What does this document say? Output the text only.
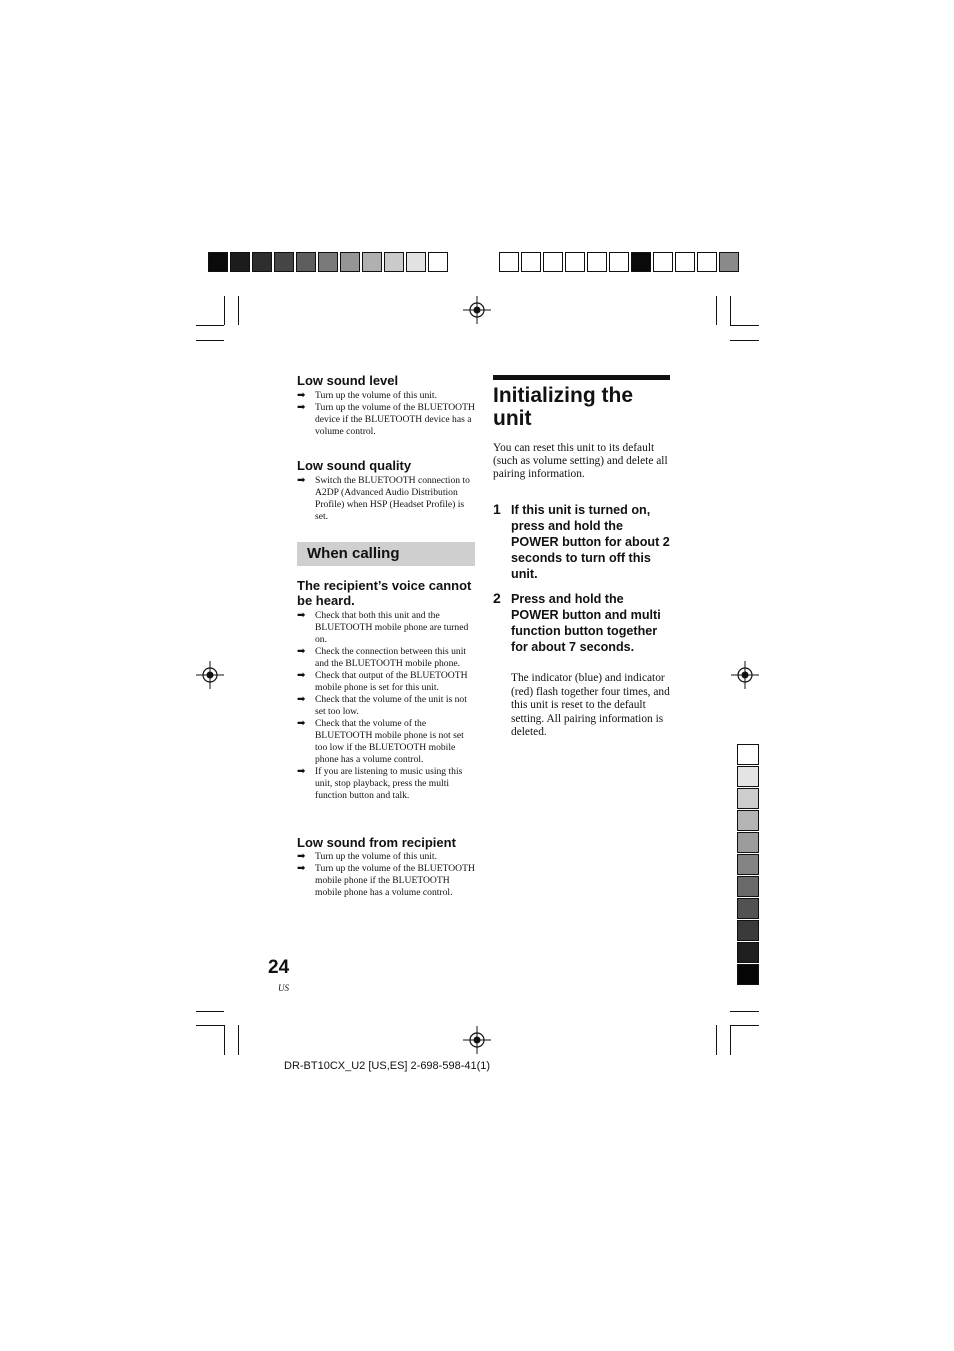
Low sound level
➡ Turn up the volume of this unit.
➡ Turn up the volume of the BLUETOOTH device if the BLUETOOTH device has a volume control.
Low sound quality
➡ Switch the BLUETOOTH connection to A2DP (Advanced Audio Distribution Profile) when HSP (Headset Profile) is set.
When calling
The recipient’s voice cannot be heard.
➡ Check that both this unit and the BLUETOOTH mobile phone are turned on.
➡ Check the connection between this unit and the BLUETOOTH mobile phone.
➡ Check that output of the BLUETOOTH mobile phone is set for this unit.
➡ Check that the volume of the unit is not set too low.
➡ Check that the volume of the BLUETOOTH mobile phone is not set too low if the BLUETOOTH mobile phone has a volume control.
➡ If you are listening to music using this unit, stop playback, press the multi function button and talk.
Low sound from recipient
➡ Turn up the volume of this unit.
➡ Turn up the volume of the BLUETOOTH mobile phone if the BLUETOOTH mobile phone has a volume control.
Initializing the unit

You can reset this unit to its default (such as volume setting) and delete all pairing information.

1 If this unit is turned on, press and hold the POWER button for about 2 seconds to turn off this unit.

2 Press and hold the POWER button and multi function button together for about 7 seconds.

The indicator (blue) and indicator (red) flash together four times, and this unit is reset to the default setting. All pairing information is deleted.

24
US
DR-BT10CX_U2 [US,ES] 2-698-598-41(1)
